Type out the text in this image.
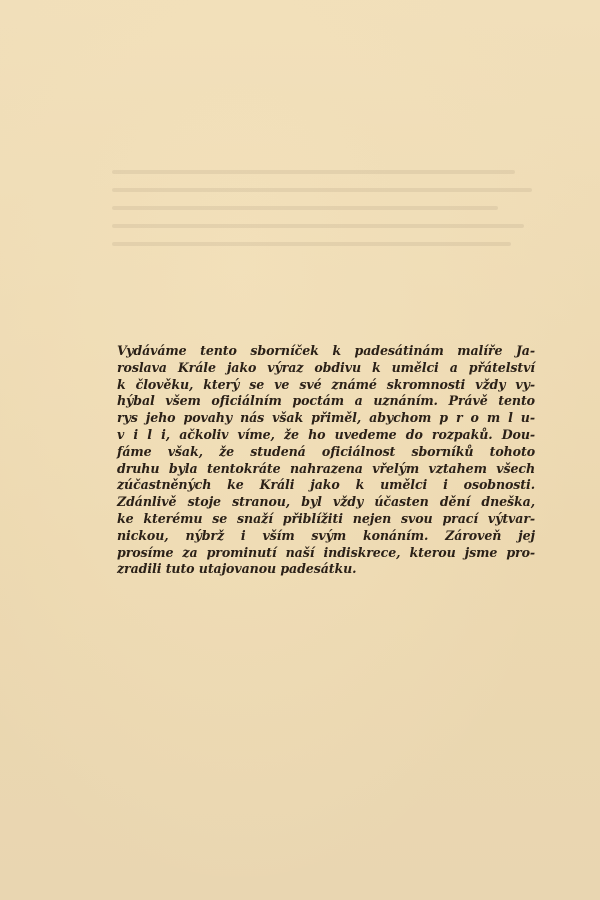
Vydáváme tento sborníček k padesátinám malíře Ja-
roslava Krále jako výraz obdivu k umělci a přátelství
k člověku, který se ve své známé skromnosti vždy vy-
hýbal všem oficiálním poctám a uznáním. Právě tento
rys jeho povahy nás však přiměl, abychom p r o m l u-
v i l i, ačkoliv víme, že ho uvedeme do rozpaků. Dou-
fáme však, že studená oficiálnost sborníků tohoto
druhu byla tentokráte nahrazena vřelým vztahem všech
zúčastněných ke Králi jako k umělci i osobnosti.
Zdánlivě stoje stranou, byl vždy účasten dění dneška,
ke kterému se snaží přiblížiti nejen svou prací výtvar-
nickou, nýbrž i vším svým konáním. Zároveň jej
prosíme za prominutí naší indiskrece, kterou jsme pro-
zradili tuto utajovanou padesátku.
